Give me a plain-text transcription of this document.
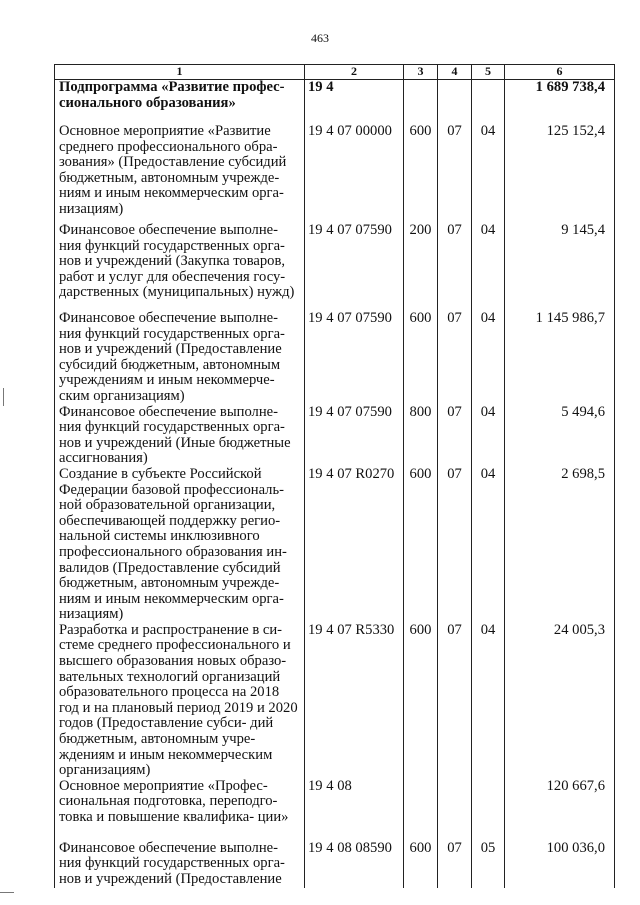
463
1	2	3	4	5	6
Подпрограмма «Развитие профес- сионального образования»	19 4				1 689 738,4
Основное мероприятие «Развитие среднего профессионального обра- зования» (Предоставление субсидий бюджетным, автономным учрежде- ниям и иным некоммерческим орга- низациям)	19 4 07 00000	600	07	04	125 152,4
Финансовое обеспечение выполне- ния функций государственных орга- нов и учреждений (Закупка товаров, работ и услуг для обеспечения госу- дарственных (муниципальных) нужд)	19 4 07 07590	200	07	04	9 145,4
Финансовое обеспечение выполне- ния функций государственных орга- нов и учреждений (Предоставление субсидий бюджетным, автономным учреждениям и иным некоммерче- ским организациям)	19 4 07 07590	600	07	04	1 145 986,7
Финансовое обеспечение выполне- ния функций государственных орга- нов и учреждений (Иные бюджетные ассигнования)	19 4 07 07590	800	07	04	5 494,6
Создание в субъекте Российской Федерации базовой профессиональ- ной образовательной организации, обеспечивающей поддержку регио- нальной системы инклюзивного профессионального образования ин- валидов (Предоставление субсидий бюджетным, автономным учрежде- ниям и иным некоммерческим орга- низациям)	19 4 07 R0270	600	07	04	2 698,5
Разработка и распространение в си- стеме среднего профессионального и высшего образования новых образо- вательных технологий организаций образовательного процесса на 2018 год и на плановый период 2019 и 2020 годов (Предоставление субси- дий бюджетным, автономным учре- ждениям и иным некоммерческим организациям)	19 4 07 R5330	600	07	04	24 005,3
Основное мероприятие «Профес- сиональная подготовка, переподго- товка и повышение квалифика- ции»	19 4 08				120 667,6
Финансовое обеспечение выполне- ния функций государственных орга- нов и учреждений (Предоставление	19 4 08 08590	600	07	05	100 036,0
